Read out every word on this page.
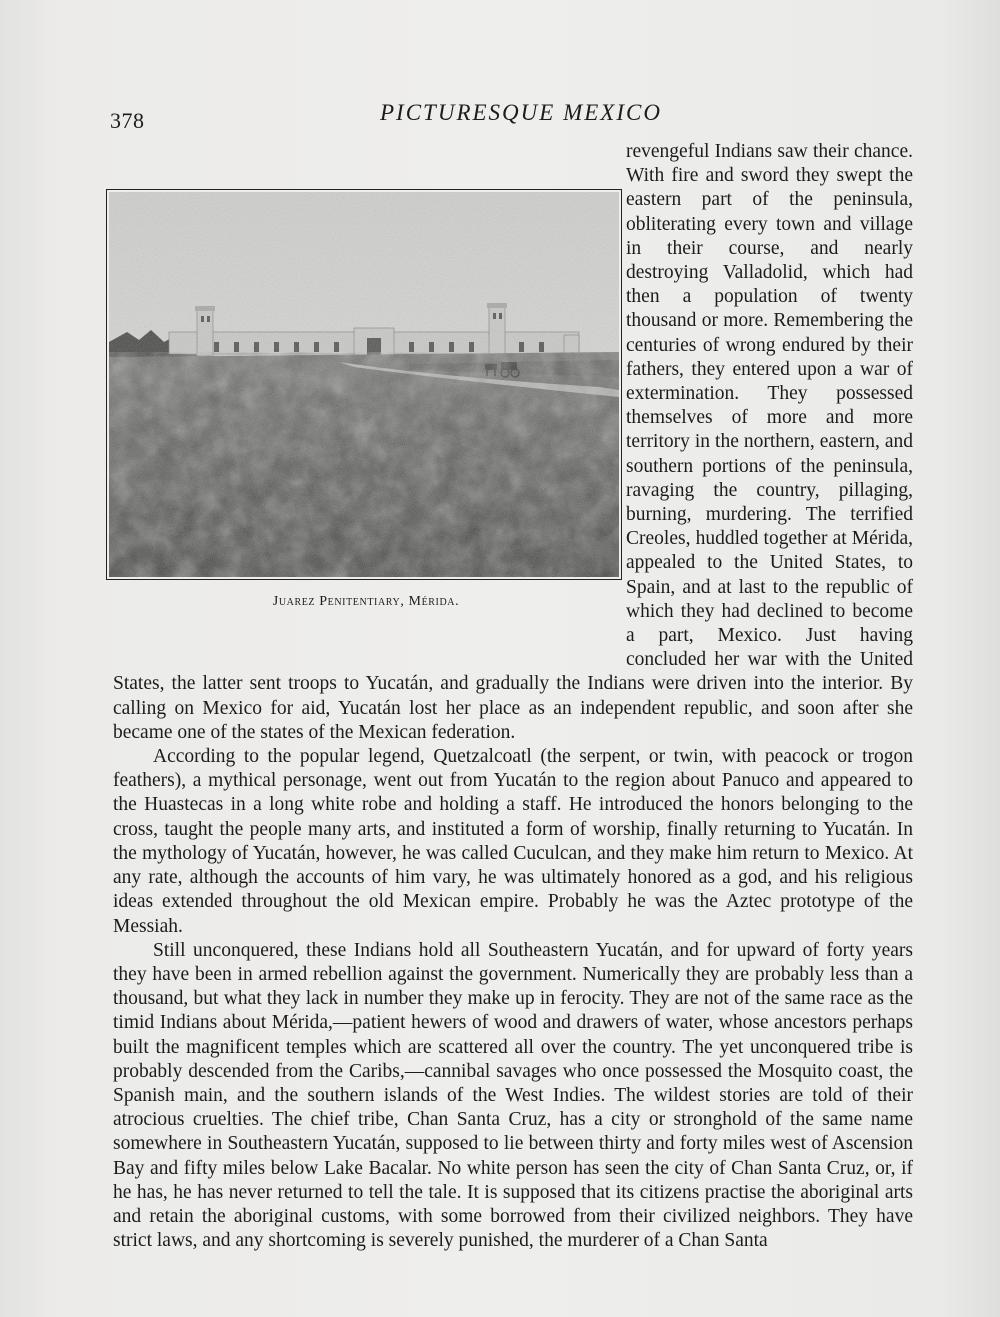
378	PICTURESQUE MEXICO
Juarez Penitentiary, Mérida.

revengeful Indians saw their chance. With fire and sword they swept the eastern part of the peninsula, obliterating every town and village in their course, and nearly destroying Valladolid, which had then a population of twenty thousand or more. Remembering the centuries of wrong endured by their fathers, they entered upon a war of extermination. They possessed themselves of more and more territory in the northern, eastern, and southern portions of the peninsula, ravaging the country, pillaging, burning, murdering. The terrified Creoles, huddled together at Mérida, appealed to the United States, to Spain, and at last to the republic of which they had declined to become a part, Mexico. Just having concluded her war with the United States, the latter sent troops to Yucatán, and gradually the Indians were driven into the interior. By calling on Mexico for aid, Yucatán lost her place as an independent republic, and soon after she became one of the states of the Mexican federation.

According to the popular legend, Quetzalcoatl (the serpent, or twin, with peacock or trogon feathers), a mythical personage, went out from Yucatán to the region about Panuco and appeared to the Huastecas in a long white robe and holding a staff. He introduced the honors belonging to the cross, taught the people many arts, and instituted a form of worship, finally returning to Yucatán. In the mythology of Yucatán, however, he was called Cuculcan, and they make him return to Mexico. At any rate, although the accounts of him vary, he was ultimately honored as a god, and his religious ideas extended throughout the old Mexican empire. Probably he was the Aztec prototype of the Messiah.

Still unconquered, these Indians hold all Southeastern Yucatán, and for upward of forty years they have been in armed rebellion against the government. Numerically they are probably less than a thousand, but what they lack in number they make up in ferocity. They are not of the same race as the timid Indians about Mérida,—patient hewers of wood and drawers of water, whose ancestors perhaps built the magnificent temples which are scattered all over the country. The yet unconquered tribe is probably descended from the Caribs,—cannibal savages who once possessed the Mosquito coast, the Spanish main, and the southern islands of the West Indies. The wildest stories are told of their atrocious cruelties. The chief tribe, Chan Santa Cruz, has a city or stronghold of the same name somewhere in Southeastern Yucatán, supposed to lie between thirty and forty miles west of Ascension Bay and fifty miles below Lake Bacalar. No white person has seen the city of Chan Santa Cruz, or, if he has, he has never returned to tell the tale. It is supposed that its citizens practise the aboriginal arts and retain the aboriginal customs, with some borrowed from their civilized neighbors. They have strict laws, and any shortcoming is severely punished, the murderer of a Chan Santa
